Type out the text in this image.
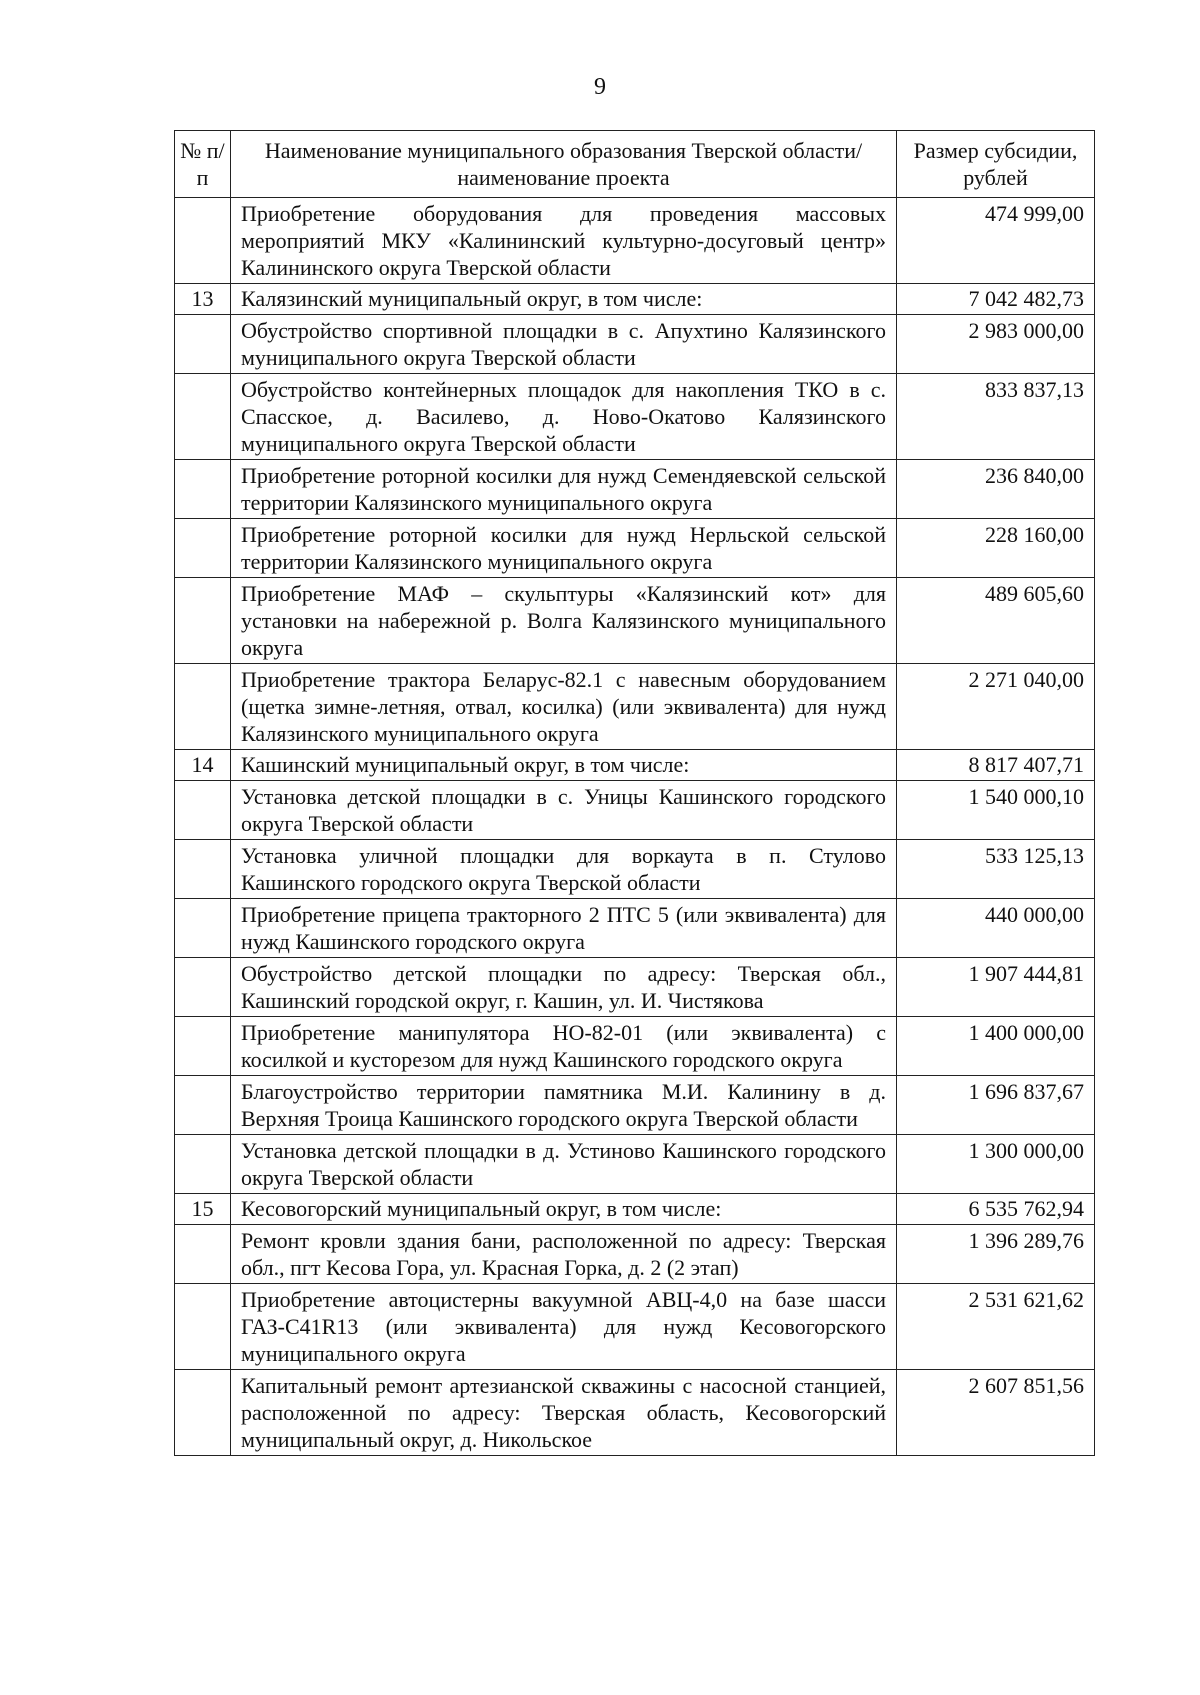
9
№ п/п	Наименование муниципального образования Тверской области/наименование проекта	Размер субсидии, рублей
	Приобретение оборудования для проведения массовых мероприятий МКУ «Калининский культурно-досуговый центр» Калининского округа Тверской области	474 999,00
13	Калязинский муниципальный округ, в том числе:	7 042 482,73
	Обустройство спортивной площадки в с. Апухтино Калязинского муниципального округа Тверской области	2 983 000,00
	Обустройство контейнерных площадок для накопления ТКО в с. Спасское, д. Василево, д. Ново-Окатово Калязинского муниципального округа Тверской области	833 837,13
	Приобретение роторной косилки для нужд Семендяевской сельской территории Калязинского муниципального округа	236 840,00
	Приобретение роторной косилки для нужд Нерльской сельской территории Калязинского муниципального округа	228 160,00
	Приобретение МАФ – скульптуры «Калязинский кот» для установки на набережной р. Волга Калязинского муниципального округа	489 605,60
	Приобретение трактора Беларус-82.1 с навесным оборудованием (щетка зимне-летняя, отвал, косилка) (или эквивалента) для нужд Калязинского муниципального округа	2 271 040,00
14	Кашинский муниципальный округ, в том числе:	8 817 407,71
	Установка детской площадки в с. Уницы Кашинского городского округа Тверской области	1 540 000,10
	Установка уличной площадки для воркаута в п. Стулово Кашинского городского округа Тверской области	533 125,13
	Приобретение прицепа тракторного 2 ПТС 5 (или эквивалента) для нужд Кашинского городского округа	440 000,00
	Обустройство детской площадки по адресу: Тверская обл., Кашинский городской округ, г. Кашин, ул. И. Чистякова	1 907 444,81
	Приобретение манипулятора НО-82-01 (или эквивалента) с косилкой и кусторезом для нужд Кашинского городского округа	1 400 000,00
	Благоустройство территории памятника М.И. Калинину в д. Верхняя Троица Кашинского городского округа Тверской области	1 696 837,67
	Установка детской площадки в д. Устиново Кашинского городского округа Тверской области	1 300 000,00
15	Кесовогорский муниципальный округ, в том числе:	6 535 762,94
	Ремонт кровли здания бани, расположенной по адресу: Тверская обл., пгт Кесова Гора, ул. Красная Горка, д. 2 (2 этап)	1 396 289,76
	Приобретение автоцистерны вакуумной АВЦ-4,0 на базе шасси ГАЗ-С41R13 (или эквивалента) для нужд Кесовогорского муниципального округа	2 531 621,62
	Капитальный ремонт артезианской скважины с насосной станцией, расположенной по адресу: Тверская область, Кесовогорский муниципальный округ, д. Никольское	2 607 851,56
